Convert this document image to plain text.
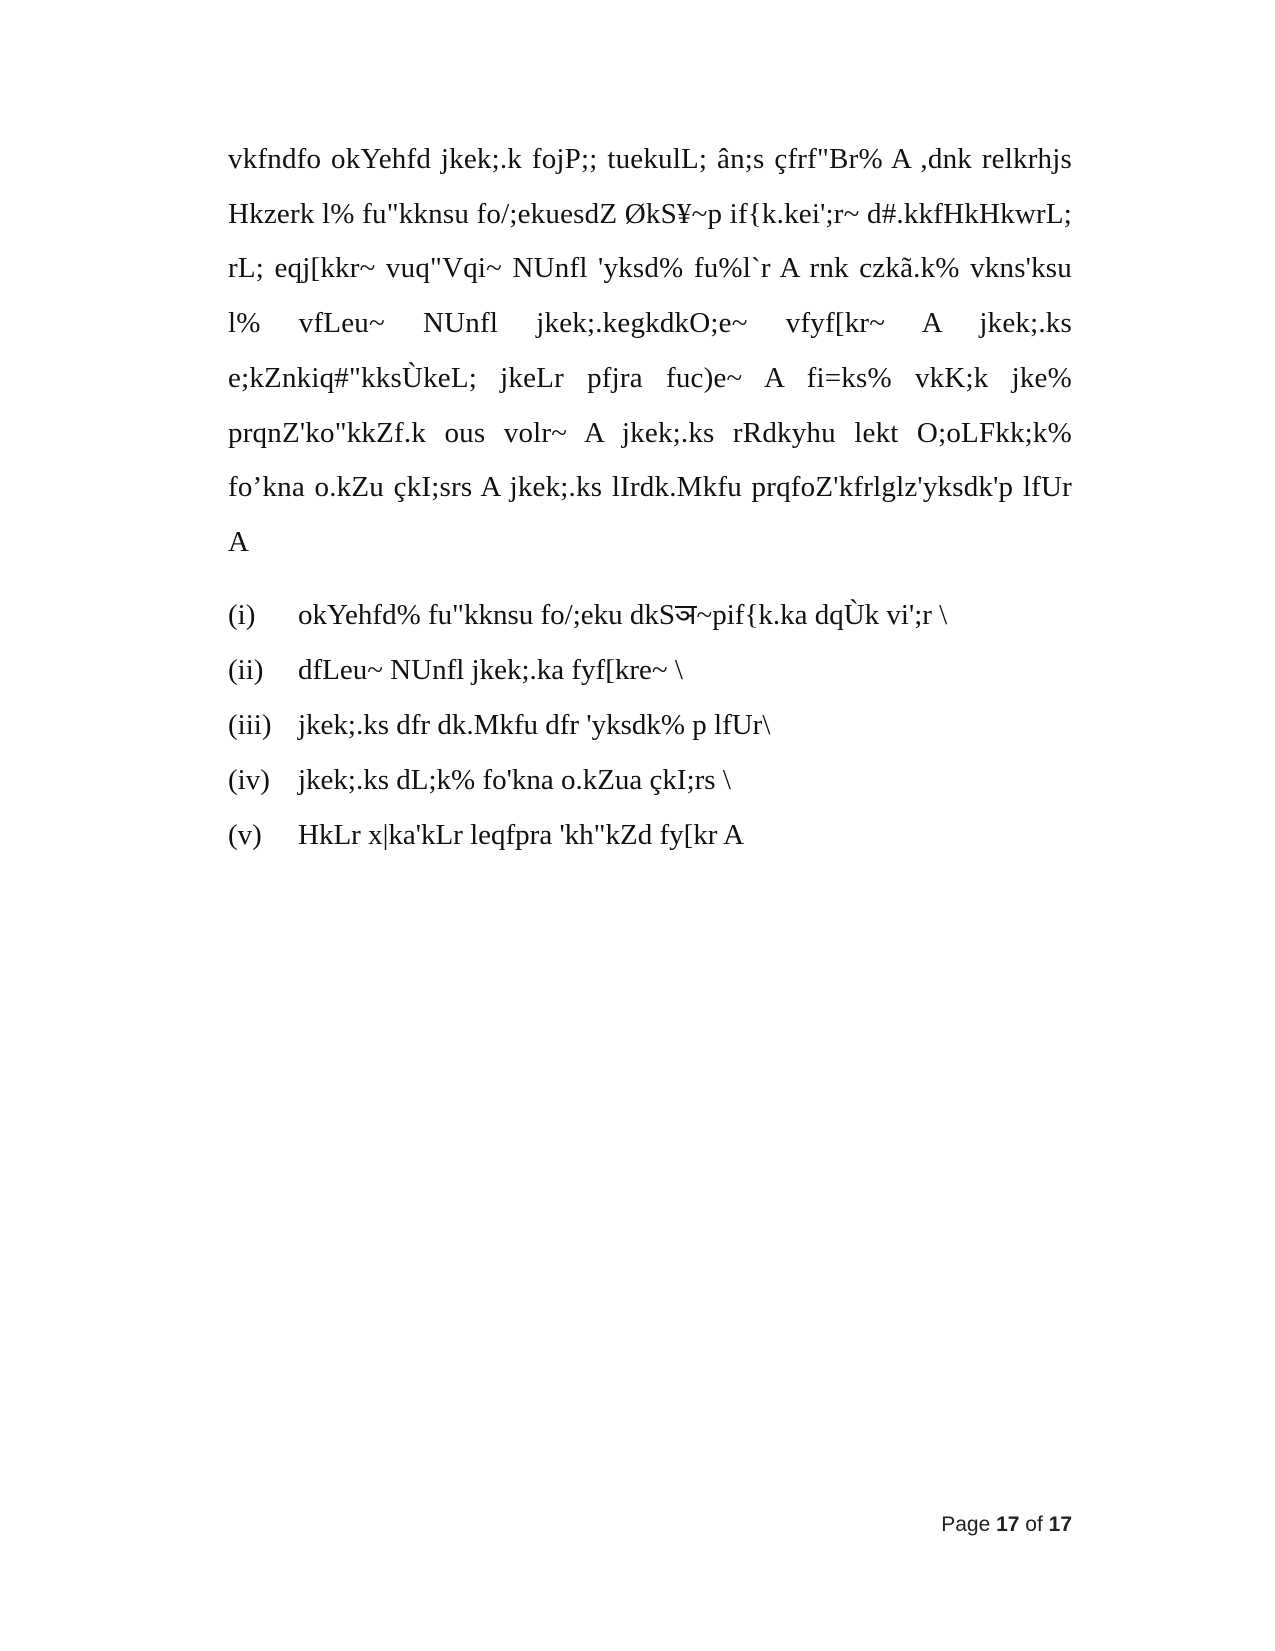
vkfndfo okYehfd jkek;.k fojP;; tuekulL; ân;s çfrf"Br% A ,dnk relkrhjs Hkzerk l% fu"kknsu fo/;ekuesdZ ØkS¥~p if{k.kei';r~ d#.kkfHkHkwrL; rL; eqj[kkr~ vuq"Vqi~ NUnfl 'yksd% fu%l`r A rnk czkã.k% vkns'ksu l% vfLeu~ NUnfl jkek;.kegkdkO;e~ vfyf[kr~ A jkek;.ks e;kZnkiq#"kksÙkeL; jkeLr pfjra fuc)e~ A fi=ks% vkK;k jke% prqnZ'ko"kkZf.k ous volr~ A jkek;.ks rRdkyhu lekt O;oLFkk;k% fo’kna o.kZu çkI;srs A jkek;.ks lIrdk.Mkfu prqfoZ'kfrlglz'yksdk'p lfUr A

(i)	okYehfd% fu"kknsu fo/;eku dkSञ~pif{k.ka dqÙk vi';r \
(ii)	dfLeu~ NUnfl jkek;.ka fyf[kre~ \
(iii) jkek;.ks dfr dk.Mkfu dfr 'yksdk% p lfUr\
(iv) jkek;.ks dL;k% fo'kna o.kZua çkI;rs \
(v)	HkLr x|ka'kLr leqfpra 'kh"kZd fy[kr A
Page 17 of 17
